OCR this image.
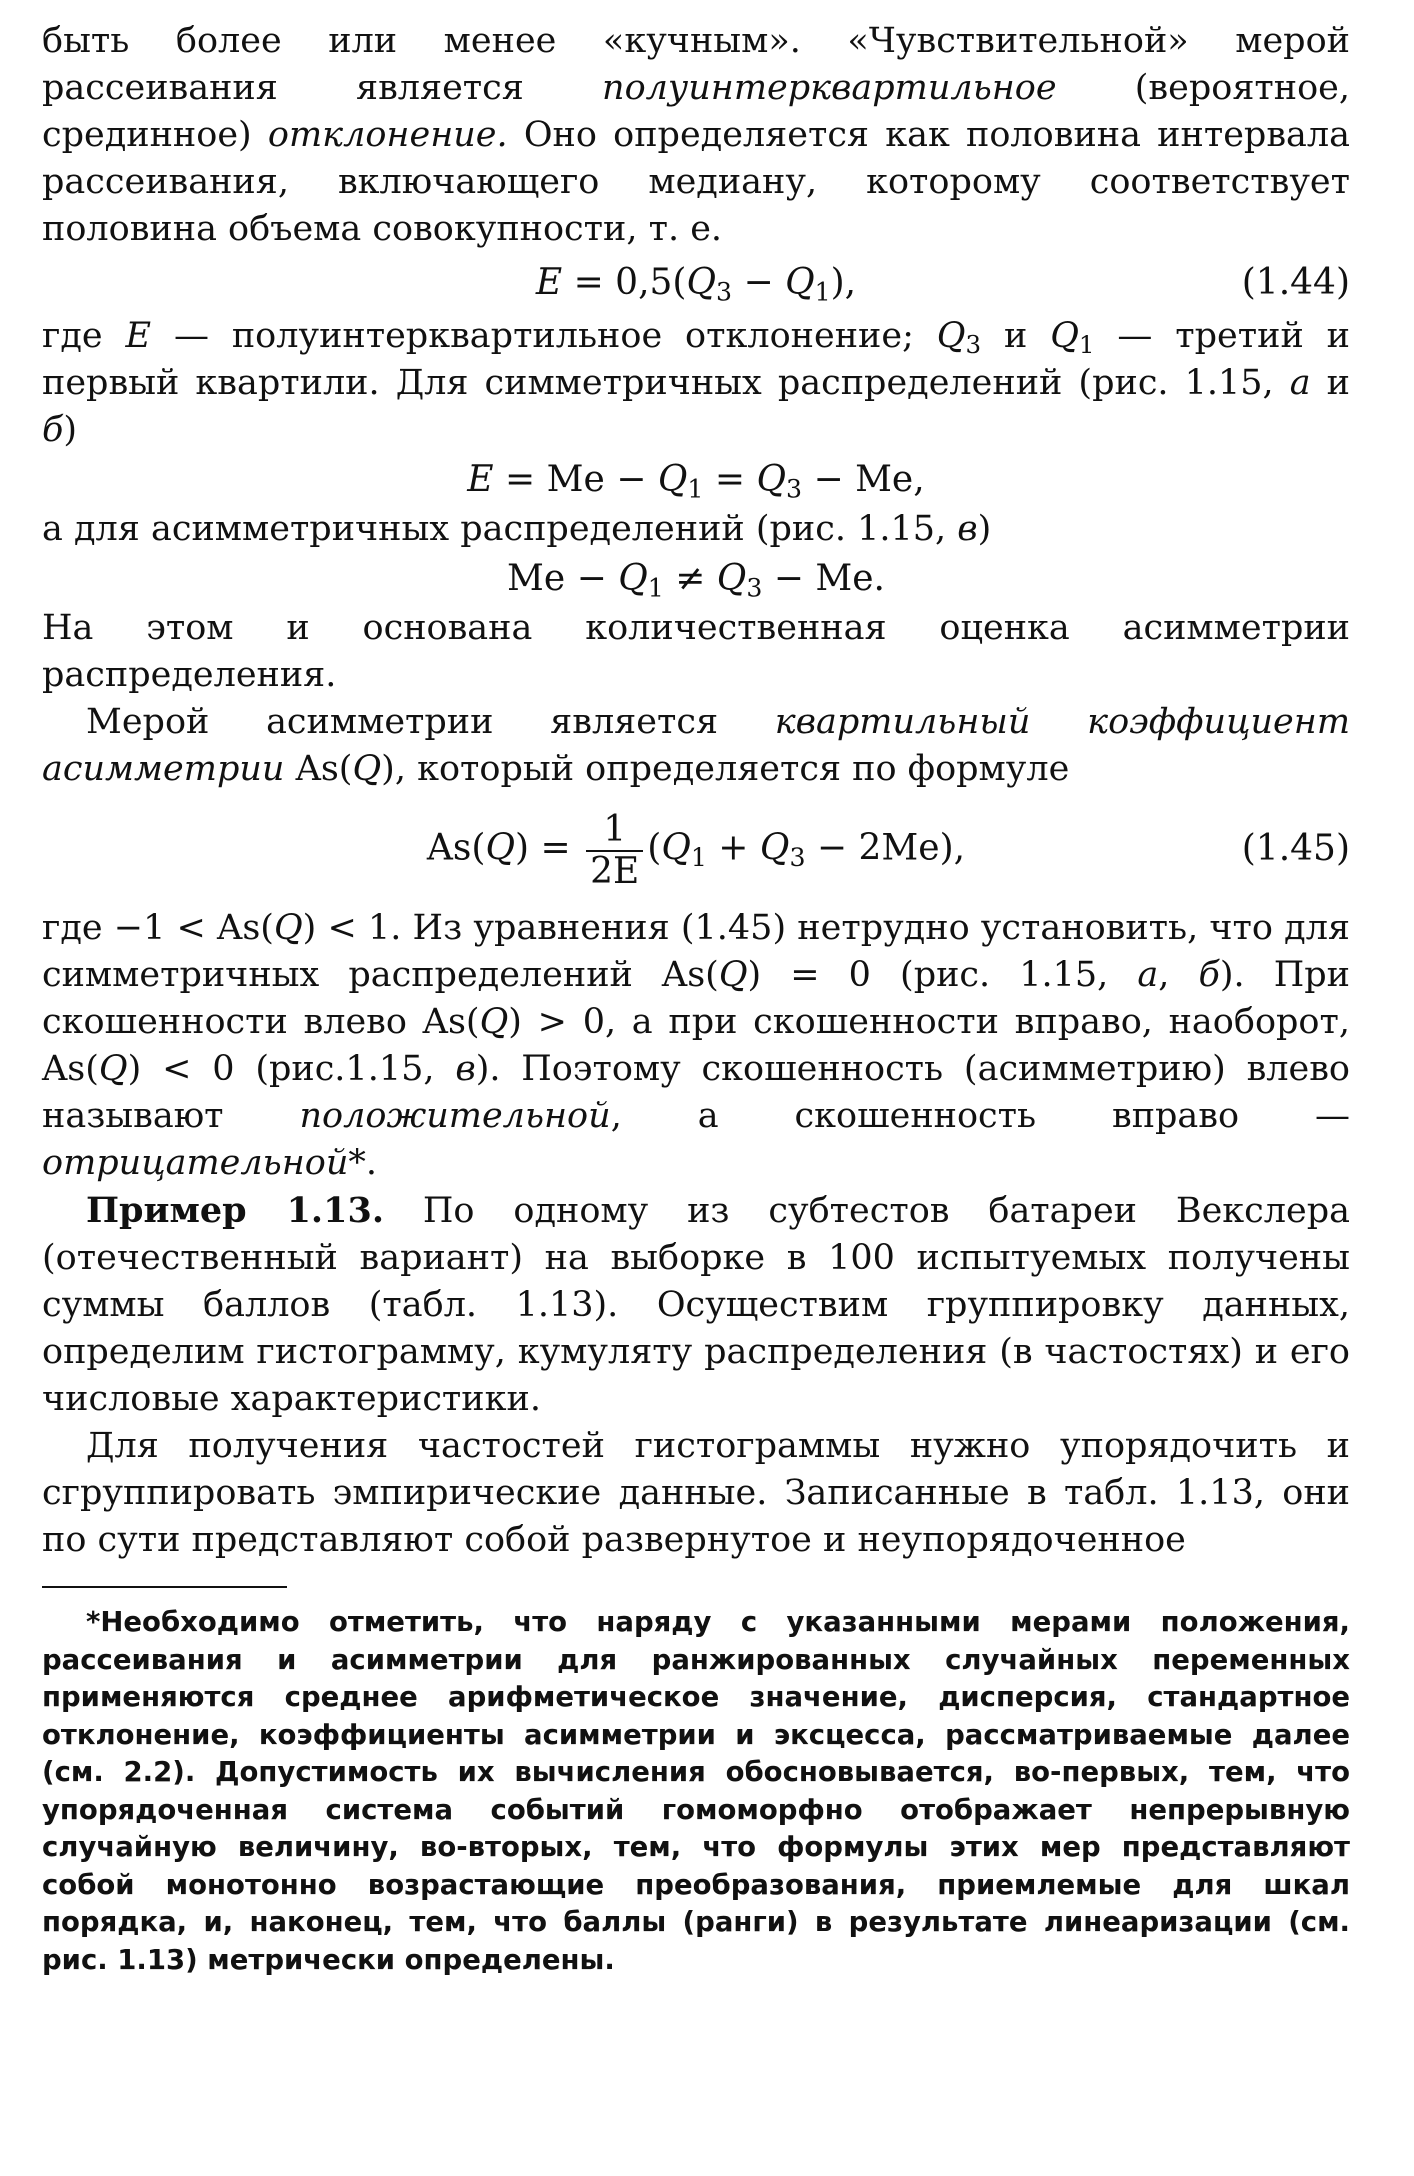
быть более или менее «кучным». «Чувствительной» мерой рассеивания является полуинтерквартильное (вероятное, срединное) отклонение. Оно определяется как половина интервала рассеивания, включающего медиану, которому соответствует половина объема совокупности, т. е.

$E = 0,5(Q_3 - Q_1)$,	(1.44)

где E — полуинтерквартильное отклонение; $Q_3$ и $Q_1$ — третий и первый квартили. Для симметричных распределений (рис. 1.15, а и б)

$E = Me - Q_1 = Q_3 - Me$,

а для асимметричных распределений (рис. 1.15, в)

$Me - Q_1 \ne Q_3 - Me$.

На этом и основана количественная оценка асимметрии распределения.

Мерой асимметрии является квартильный коэффициент асимметрии As(Q), который определяется по формуле

$As(Q) = \frac{1}{2E} (Q_1 + Q_3 - 2Me)$,	(1.45)

где −1 < As(Q) < 1. Из уравнения (1.45) нетрудно установить, что для симметричных распределений As(Q) = 0 (рис. 1.15, а, б). При скошенности влево As(Q) > 0, а при скошенности вправо, наоборот, As(Q) < 0 (рис.1.15, в). Поэтому скошенность (асимметрию) влево называют положительной, а скошенность вправо — отрицательной*.

Пример 1.13. По одному из субтестов батареи Векслера (отечественный вариант) на выборке в 100 испытуемых получены суммы баллов (табл. 1.13). Осуществим группировку данных, определим гистограмму, кумуляту распределения (в частостях) и его числовые характеристики.

Для получения частостей гистограммы нужно упорядочить и сгруппировать эмпирические данные. Записанные в табл. 1.13, они по сути представляют собой развернутое и неупорядоченное

*Необходимо отметить, что наряду с указанными мерами положения, рассеивания и асимметрии для ранжированных случайных переменных применяются среднее арифметическое значение, дисперсия, стандартное отклонение, коэффициенты асимметрии и эксцесса, рассматриваемые далее (см. 2.2). Допустимость их вычисления обосновывается, во-первых, тем, что упорядоченная система событий гомоморфно отображает непрерывную случайную величину, во-вторых, тем, что формулы этих мер представляют собой монотонно возрастающие преобразования, приемлемые для шкал порядка, и, наконец, тем, что баллы (ранги) в результате линеаризации (см. рис. 1.13) метрически определены.
